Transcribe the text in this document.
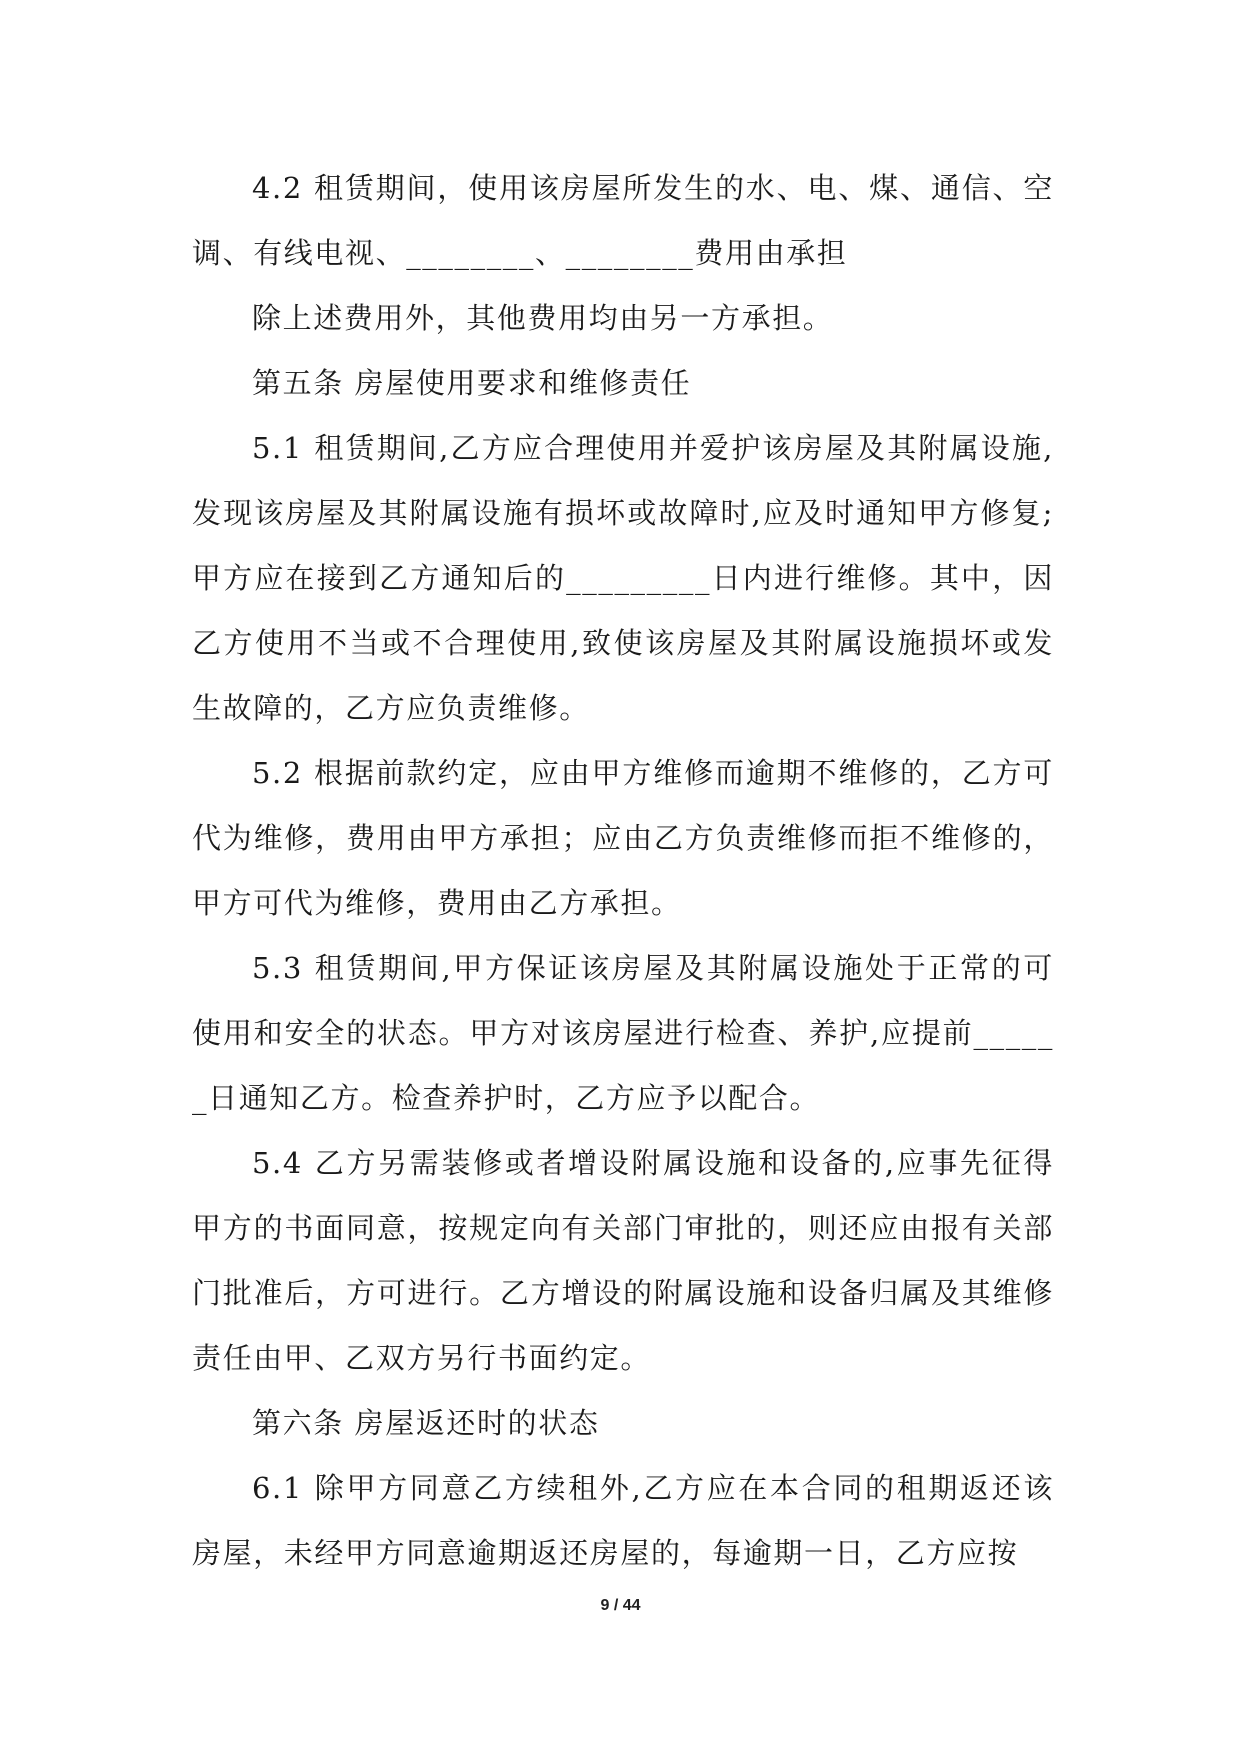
4.2 租赁期间，使用该房屋所发生的水、电、煤、通信、空调、有线电视、________、________费用由承担

除上述费用外，其他费用均由另一方承担。

第五条 房屋使用要求和维修责任

5.1 租赁期间,乙方应合理使用并爱护该房屋及其附属设施,发现该房屋及其附属设施有损坏或故障时,应及时通知甲方修复;甲方应在接到乙方通知后的_________日内进行维修。其中，因乙方使用不当或不合理使用,致使该房屋及其附属设施损坏或发生故障的，乙方应负责维修。

5.2 根据前款约定，应由甲方维修而逾期不维修的，乙方可代为维修，费用由甲方承担；应由乙方负责维修而拒不维修的，甲方可代为维修，费用由乙方承担。

5.3 租赁期间,甲方保证该房屋及其附属设施处于正常的可使用和安全的状态。甲方对该房屋进行检查、养护,应提前______日通知乙方。检查养护时，乙方应予以配合。

5.4 乙方另需装修或者增设附属设施和设备的,应事先征得甲方的书面同意，按规定向有关部门审批的，则还应由报有关部门批准后，方可进行。乙方增设的附属设施和设备归属及其维修责任由甲、乙双方另行书面约定。

第六条 房屋返还时的状态

6.1 除甲方同意乙方续租外,乙方应在本合同的租期返还该房屋，未经甲方同意逾期返还房屋的，每逾期一日，乙方应按

9 / 44
